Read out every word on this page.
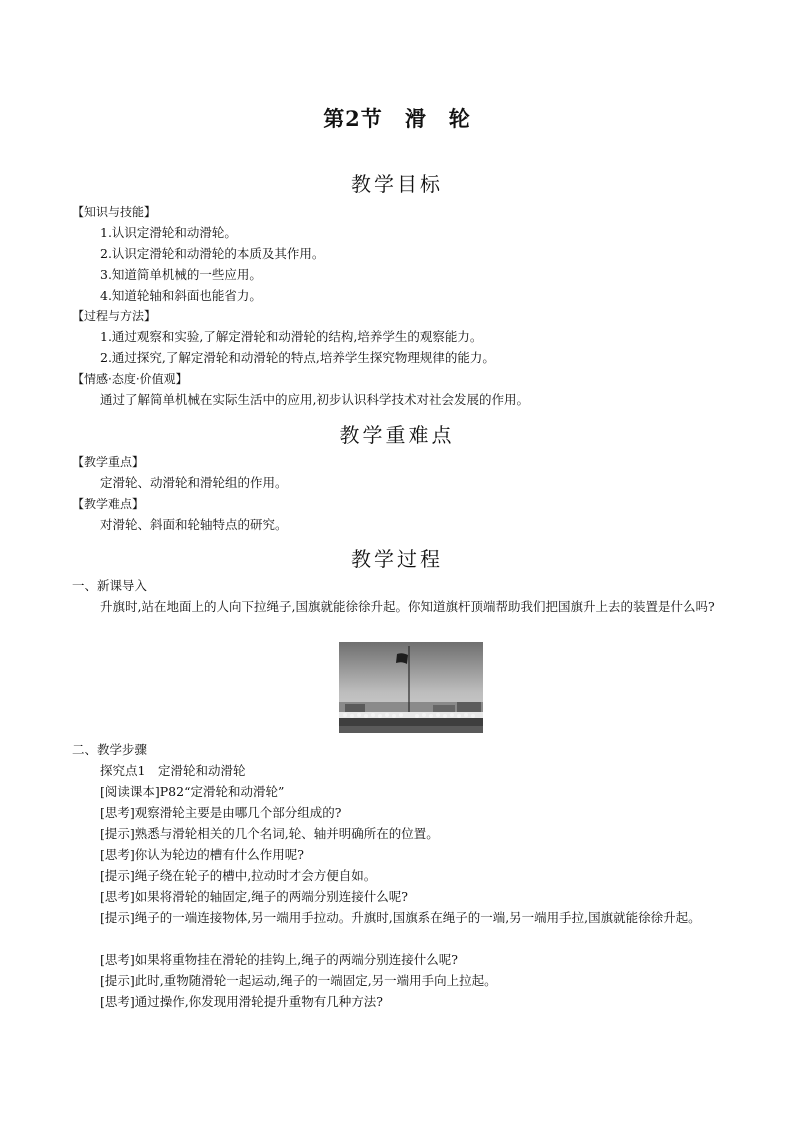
第2节 滑　轮
教学目标
【知识与技能】
1.认识定滑轮和动滑轮。
2.认识定滑轮和动滑轮的本质及其作用。
3.知道简单机械的一些应用。
4.知道轮轴和斜面也能省力。
【过程与方法】
1.通过观察和实验,了解定滑轮和动滑轮的结构,培养学生的观察能力。
2.通过探究,了解定滑轮和动滑轮的特点,培养学生探究物理规律的能力。
【情感·态度·价值观】
通过了解简单机械在实际生活中的应用,初步认识科学技术对社会发展的作用。
教学重难点
【教学重点】
定滑轮、动滑轮和滑轮组的作用。
【教学难点】
对滑轮、斜面和轮轴特点的研究。
教学过程
一、新课导入
升旗时,站在地面上的人向下拉绳子,国旗就能徐徐升起。你知道旗杆顶端帮助我们把国旗升上去的装置是什么吗?
二、教学步骤
探究点1　定滑轮和动滑轮
[阅读课本]P82“定滑轮和动滑轮”
[思考]观察滑轮主要是由哪几个部分组成的?
[提示]熟悉与滑轮相关的几个名词,轮、轴并明确所在的位置。
[思考]你认为轮边的槽有什么作用呢?
[提示]绳子绕在轮子的槽中,拉动时才会方便自如。
[思考]如果将滑轮的轴固定,绳子的两端分别连接什么呢?
[提示]绳子的一端连接物体,另一端用手拉动。升旗时,国旗系在绳子的一端,另一端用手拉,国旗就能徐徐升起。
[思考]如果将重物挂在滑轮的挂钩上,绳子的两端分别连接什么呢?
[提示]此时,重物随滑轮一起运动,绳子的一端固定,另一端用手向上拉起。
[思考]通过操作,你发现用滑轮提升重物有几种方法?
